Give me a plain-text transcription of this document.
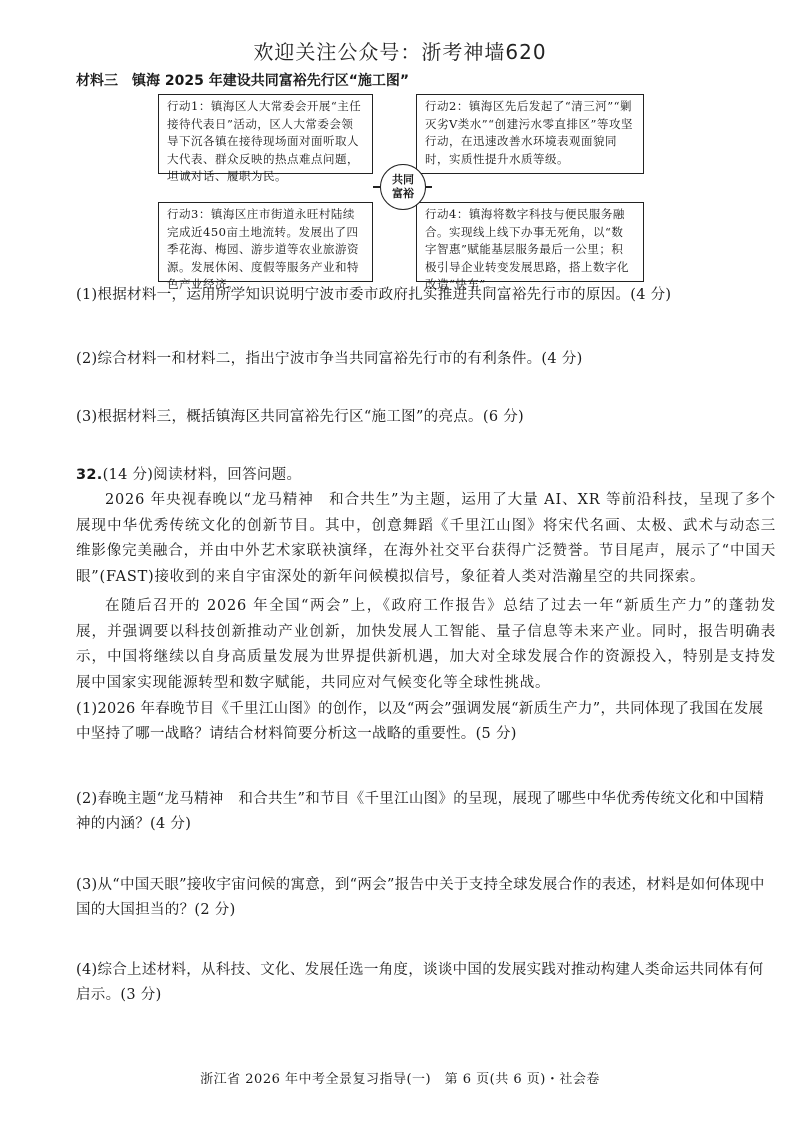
欢迎关注公众号：浙考神墙620
材料三 镇海 2025 年建设共同富裕先行区“施工图”
行动1：镇海区人大常委会开展“主任接待代表日”活动，区人大常委会领导下沉各镇在接待现场面对面听取人大代表、群众反映的热点难点问题，坦诚对话、履职为民。
行动2：镇海区先后发起了“清三河”“剿灭劣Ⅴ类水”“创建污水零直排区”等攻坚行动，在迅速改善水环境表观面貌同时，实质性提升水质等级。
行动3：镇海区庄市街道永旺村陆续完成近450亩土地流转。发展出了四季花海、梅园、游步道等农业旅游资源。发展休闲、度假等服务产业和特色产业经济。
行动4：镇海将数字科技与便民服务融合。实现线上线下办事无死角，以“数字智惠”赋能基层服务最后一公里；积极引导企业转变发展思路，搭上数字化改造“快车”。
共同富裕
(1)根据材料一，运用所学知识说明宁波市委市政府扎实推进共同富裕先行市的原因。(4 分)
(2)综合材料一和材料二，指出宁波市争当共同富裕先行市的有利条件。(4 分)
(3)根据材料三，概括镇海区共同富裕先行区“施工图”的亮点。(6 分)
32.(14 分)阅读材料，回答问题。
2026 年央视春晚以“龙马精神　和合共生”为主题，运用了大量 AI、XR 等前沿科技，呈现了多个展现中华优秀传统文化的创新节目。其中，创意舞蹈《千里江山图》将宋代名画、太极、武术与动态三维影像完美融合，并由中外艺术家联袂演绎，在海外社交平台获得广泛赞誉。节目尾声，展示了“中国天眼”(FAST)接收到的来自宇宙深处的新年问候模拟信号，象征着人类对浩瀚星空的共同探索。
在随后召开的 2026 年全国“两会”上，《政府工作报告》总结了过去一年“新质生产力”的蓬勃发展，并强调要以科技创新推动产业创新，加快发展人工智能、量子信息等未来产业。同时，报告明确表示，中国将继续以自身高质量发展为世界提供新机遇，加大对全球发展合作的资源投入，特别是支持发展中国家实现能源转型和数字赋能，共同应对气候变化等全球性挑战。
(1)2026 年春晚节目《千里江山图》的创作，以及“两会”强调发展“新质生产力”，共同体现了我国在发展中坚持了哪一战略？请结合材料简要分析这一战略的重要性。(5 分)
(2)春晚主题“龙马精神　和合共生”和节目《千里江山图》的呈现，展现了哪些中华优秀传统文化和中国精神的内涵？(4 分)
(3)从“中国天眼”接收宇宙问候的寓意，到“两会”报告中关于支持全球发展合作的表述，材料是如何体现中国的大国担当的？(2 分)
(4)综合上述材料，从科技、文化、发展任选一角度，谈谈中国的发展实践对推动构建人类命运共同体有何启示。(3 分)
浙江省 2026 年中考全景复习指导(一)　第 6 页(共 6 页)・社会卷
